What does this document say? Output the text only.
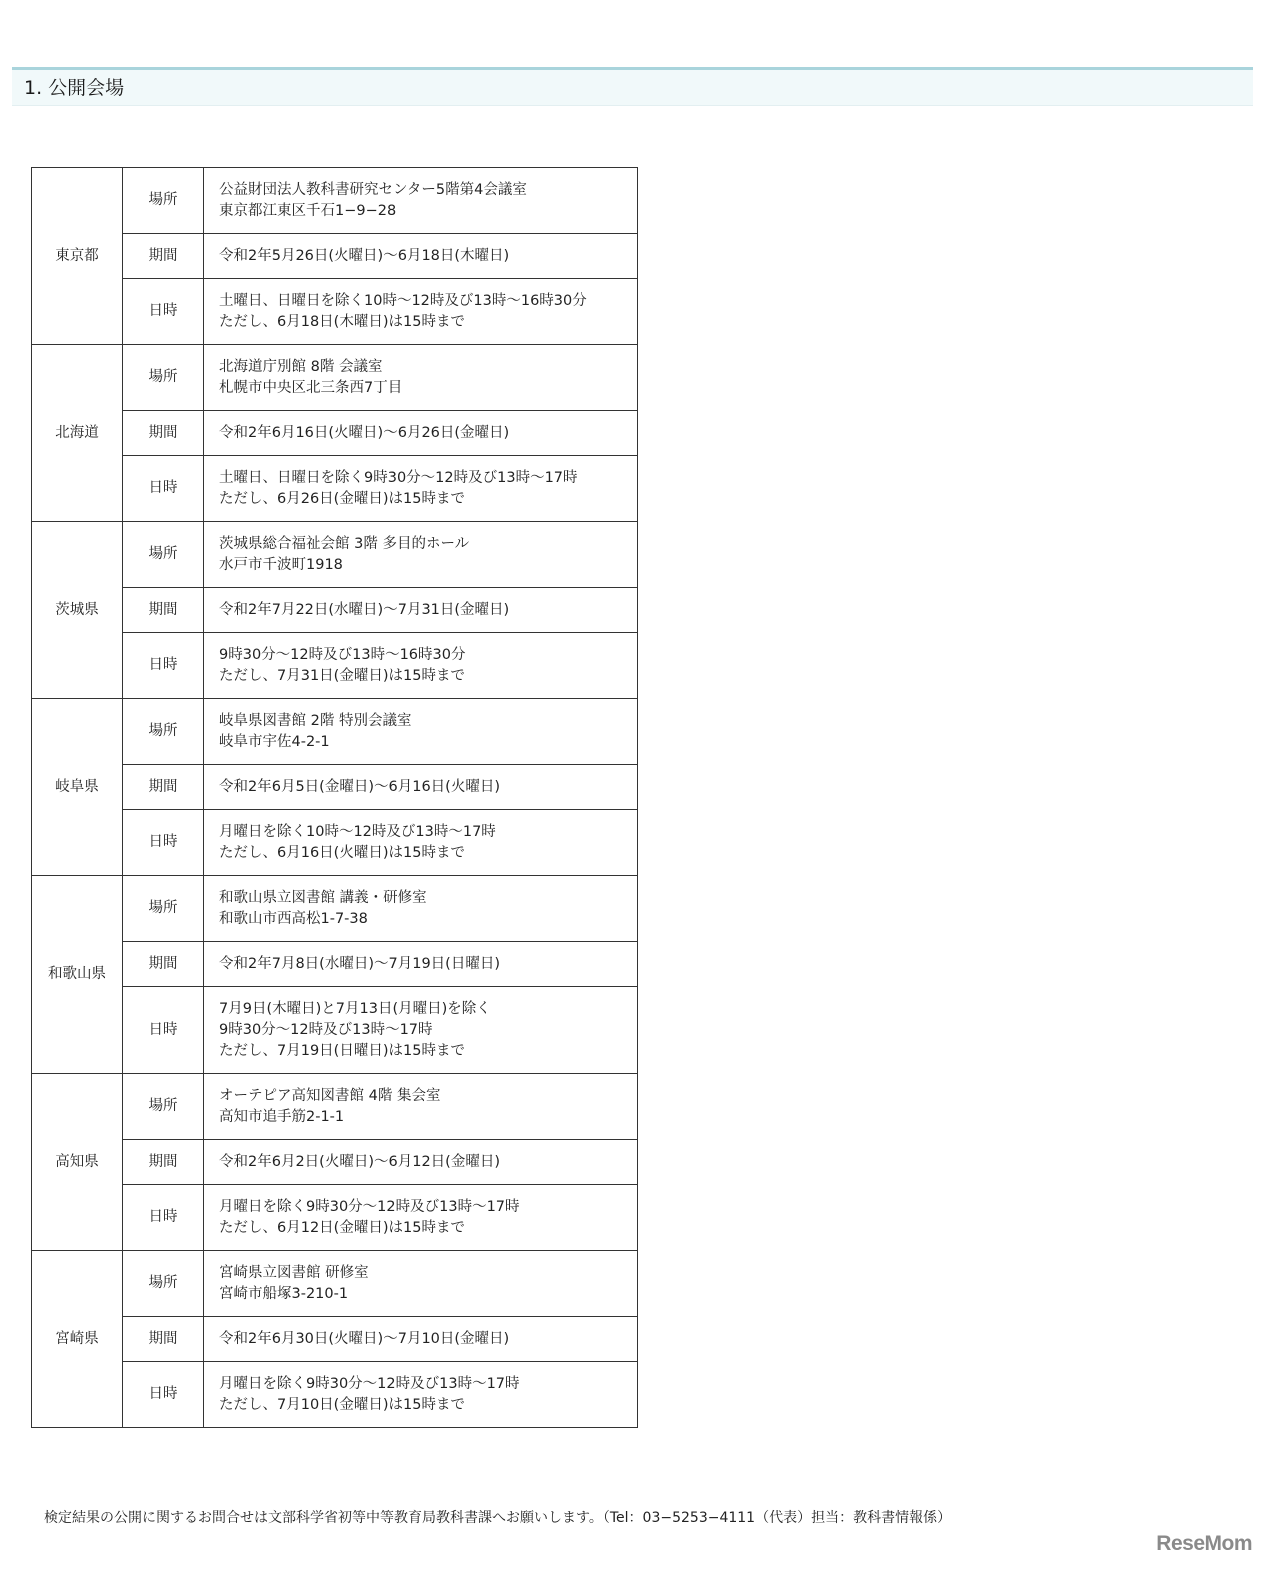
1. 公開会場
東京都	場所	公益財団法人教科書研究センター5階第4会議室
東京都江東区千石1−9−28

	期間	令和2年5月26日(火曜日)〜6月18日(木曜日)
	日時	土曜日、日曜日を除く10時〜12時及び13時〜16時30分
ただし、6月18日(木曜日)は15時まで

北海道	場所	北海道庁別館 8階 会議室
札幌市中央区北三条西7丁目

	期間	令和2年6月16日(火曜日)〜6月26日(金曜日)
	日時	土曜日、日曜日を除く9時30分〜12時及び13時〜17時
ただし、6月26日(金曜日)は15時まで

茨城県	場所	茨城県総合福祉会館 3階 多目的ホール
水戸市千波町1918

	期間	令和2年7月22日(水曜日)〜7月31日(金曜日)
	日時	9時30分〜12時及び13時〜16時30分
ただし、7月31日(金曜日)は15時まで

岐阜県	場所	岐阜県図書館 2階 特別会議室
岐阜市宇佐4-2-1

	期間	令和2年6月5日(金曜日)〜6月16日(火曜日)
	日時	月曜日を除く10時〜12時及び13時〜17時
ただし、6月16日(火曜日)は15時まで

和歌山県	場所	和歌山県立図書館 講義・研修室
和歌山市西高松1-7-38

	期間	令和2年7月8日(水曜日)〜7月19日(日曜日)
	日時	7月9日(木曜日)と7月13日(月曜日)を除く
9時30分〜12時及び13時〜17時
ただし、7月19日(日曜日)は15時まで

高知県	場所	オーテピア高知図書館 4階 集会室
高知市追手筋2-1-1

	期間	令和2年6月2日(火曜日)〜6月12日(金曜日)
	日時	月曜日を除く9時30分〜12時及び13時〜17時
ただし、6月12日(金曜日)は15時まで

宮崎県	場所	宮崎県立図書館 研修室
宮崎市船塚3-210-1

	期間	令和2年6月30日(火曜日)〜7月10日(金曜日)
	日時	月曜日を除く9時30分〜12時及び13時〜17時
ただし、7月10日(金曜日)は15時まで
検定結果の公開に関するお問合せは文部科学省初等中等教育局教科書課へお願いします。（Tel：03−5253−4111（代表）担当：教科書情報係）
ReseMom
